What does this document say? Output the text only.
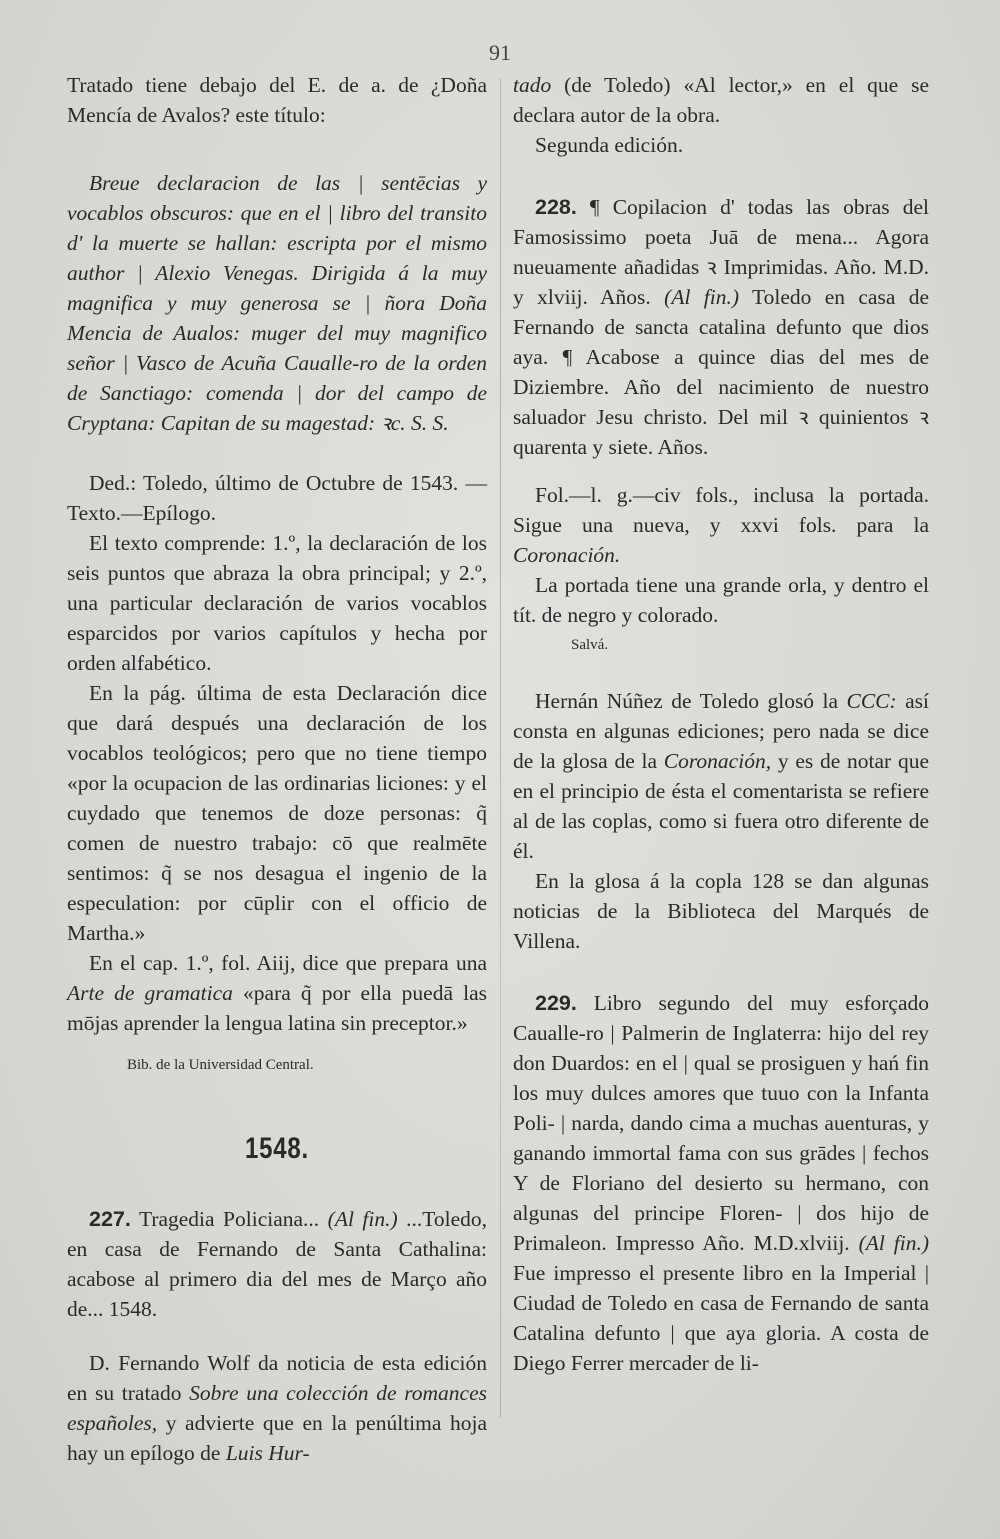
91

Tratado tiene debajo del E. de a. de ¿Doña Mencía de Avalos? este título:

Breue declaracion de las | sentēcias y vocablos obscuros: que en el | libro del transito d' la muerte se hallan: escripta por el mismo author | Alexio Venegas. Dirigida á la muy magnifica y muy generosa se | ñora Doña Mencia de Aualos: muger del muy magnifico señor | Vasco de Acuña Caualle-ro de la orden de Sanctiago: comenda | dor del campo de Cryptana: Capitan de su magestad: ꝛc. S. S.

Ded.: Toledo, último de Octubre de 1543. —Texto.—Epílogo.

El texto comprende: 1.º, la declaración de los seis puntos que abraza la obra principal; y 2.º, una particular declaración de varios vocablos esparcidos por varios capítulos y hecha por orden alfabético.

En la pág. última de esta Declaración dice que dará después una declaración de los vocablos teológicos; pero que no tiene tiempo «por la ocupacion de las ordinarias liciones: y el cuydado que tenemos de doze personas: q̃ comen de nuestro trabajo: cō que realmēte sentimos: q̃ se nos desagua el ingenio de la especulation: por cūplir con el officio de Martha.»

En el cap. 1.º, fol. Aiij, dice que prepara una Arte de gramatica «para q̃ por ella puedā las mōjas aprender la lengua latina sin preceptor.»

Bib. de la Universidad Central.

1548.

227. Tragedia Policiana... (Al fin.) ...Toledo, en casa de Fernando de Santa Cathalina: acabose al primero dia del mes de Março año de... 1548.

D. Fernando Wolf da noticia de esta edición en su tratado Sobre una colección de romances españoles, y advierte que en la penúltima hoja hay un epílogo de Luis Hur-

tado (de Toledo) «Al lector,» en el que se declara autor de la obra.

Segunda edición.

228. ¶ Copilacion d' todas las obras del Famosissimo poeta Juā de mena... Agora nueuamente añadidas ꝛ Imprimidas. Año. M.D. y xlviij. Años. (Al fin.) Toledo en casa de Fernando de sancta catalina defunto que dios aya. ¶ Acabose a quince dias del mes de Diziembre. Año del nacimiento de nuestro saluador Jesu christo. Del mil ꝛ quinientos ꝛ quarenta y siete. Años.

Fol.—l. g.—civ fols., inclusa la portada. Sigue una nueva, y xxvi fols. para la Coronación.

La portada tiene una grande orla, y dentro el tít. de negro y colorado.

Salvá.

Hernán Núñez de Toledo glosó la CCC: así consta en algunas ediciones; pero nada se dice de la glosa de la Coronación, y es de notar que en el principio de ésta el comentarista se refiere al de las coplas, como si fuera otro diferente de él.

En la glosa á la copla 128 se dan algunas noticias de la Biblioteca del Marqués de Villena.

229. Libro segundo del muy esforçado Caualle-ro | Palmerin de Inglaterra: hijo del rey don Duardos: en el | qual se prosiguen y hań fin los muy dulces amores que tuuo con la Infanta Poli- | narda, dando cima a muchas auenturas, y ganando immortal fama con sus grādes | fechos Y de Floriano del desierto su hermano, con algunas del principe Floren- | dos hijo de Primaleon. Impresso Año. M.D.xlviij. (Al fin.) Fue impresso el presente libro en la Imperial | Ciudad de Toledo en casa de Fernando de santa Catalina defunto | que aya gloria. A costa de Diego Ferrer mercader de li-
